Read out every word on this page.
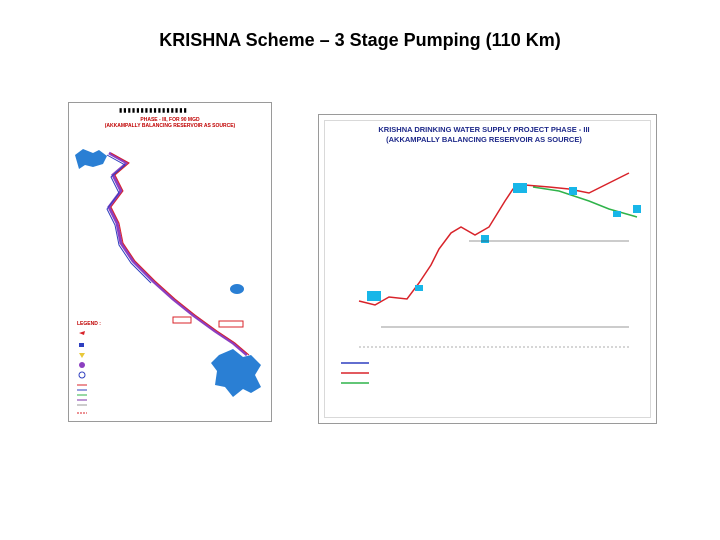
KRISHNA Scheme – 3 Stage Pumping (110 Km)
▮▮▮▮▮▮▮▮▮▮▮▮▮▮▮▮
PHASE - III, FOR 90 MGD
(AKKAMPALLY BALANCING RESERVOIR AS SOURCE)
LEGEND :
KRISHNA DRINKING WATER SUPPLY PROJECT PHASE - III
(AKKAMPALLY BALANCING RESERVOIR AS SOURCE)
